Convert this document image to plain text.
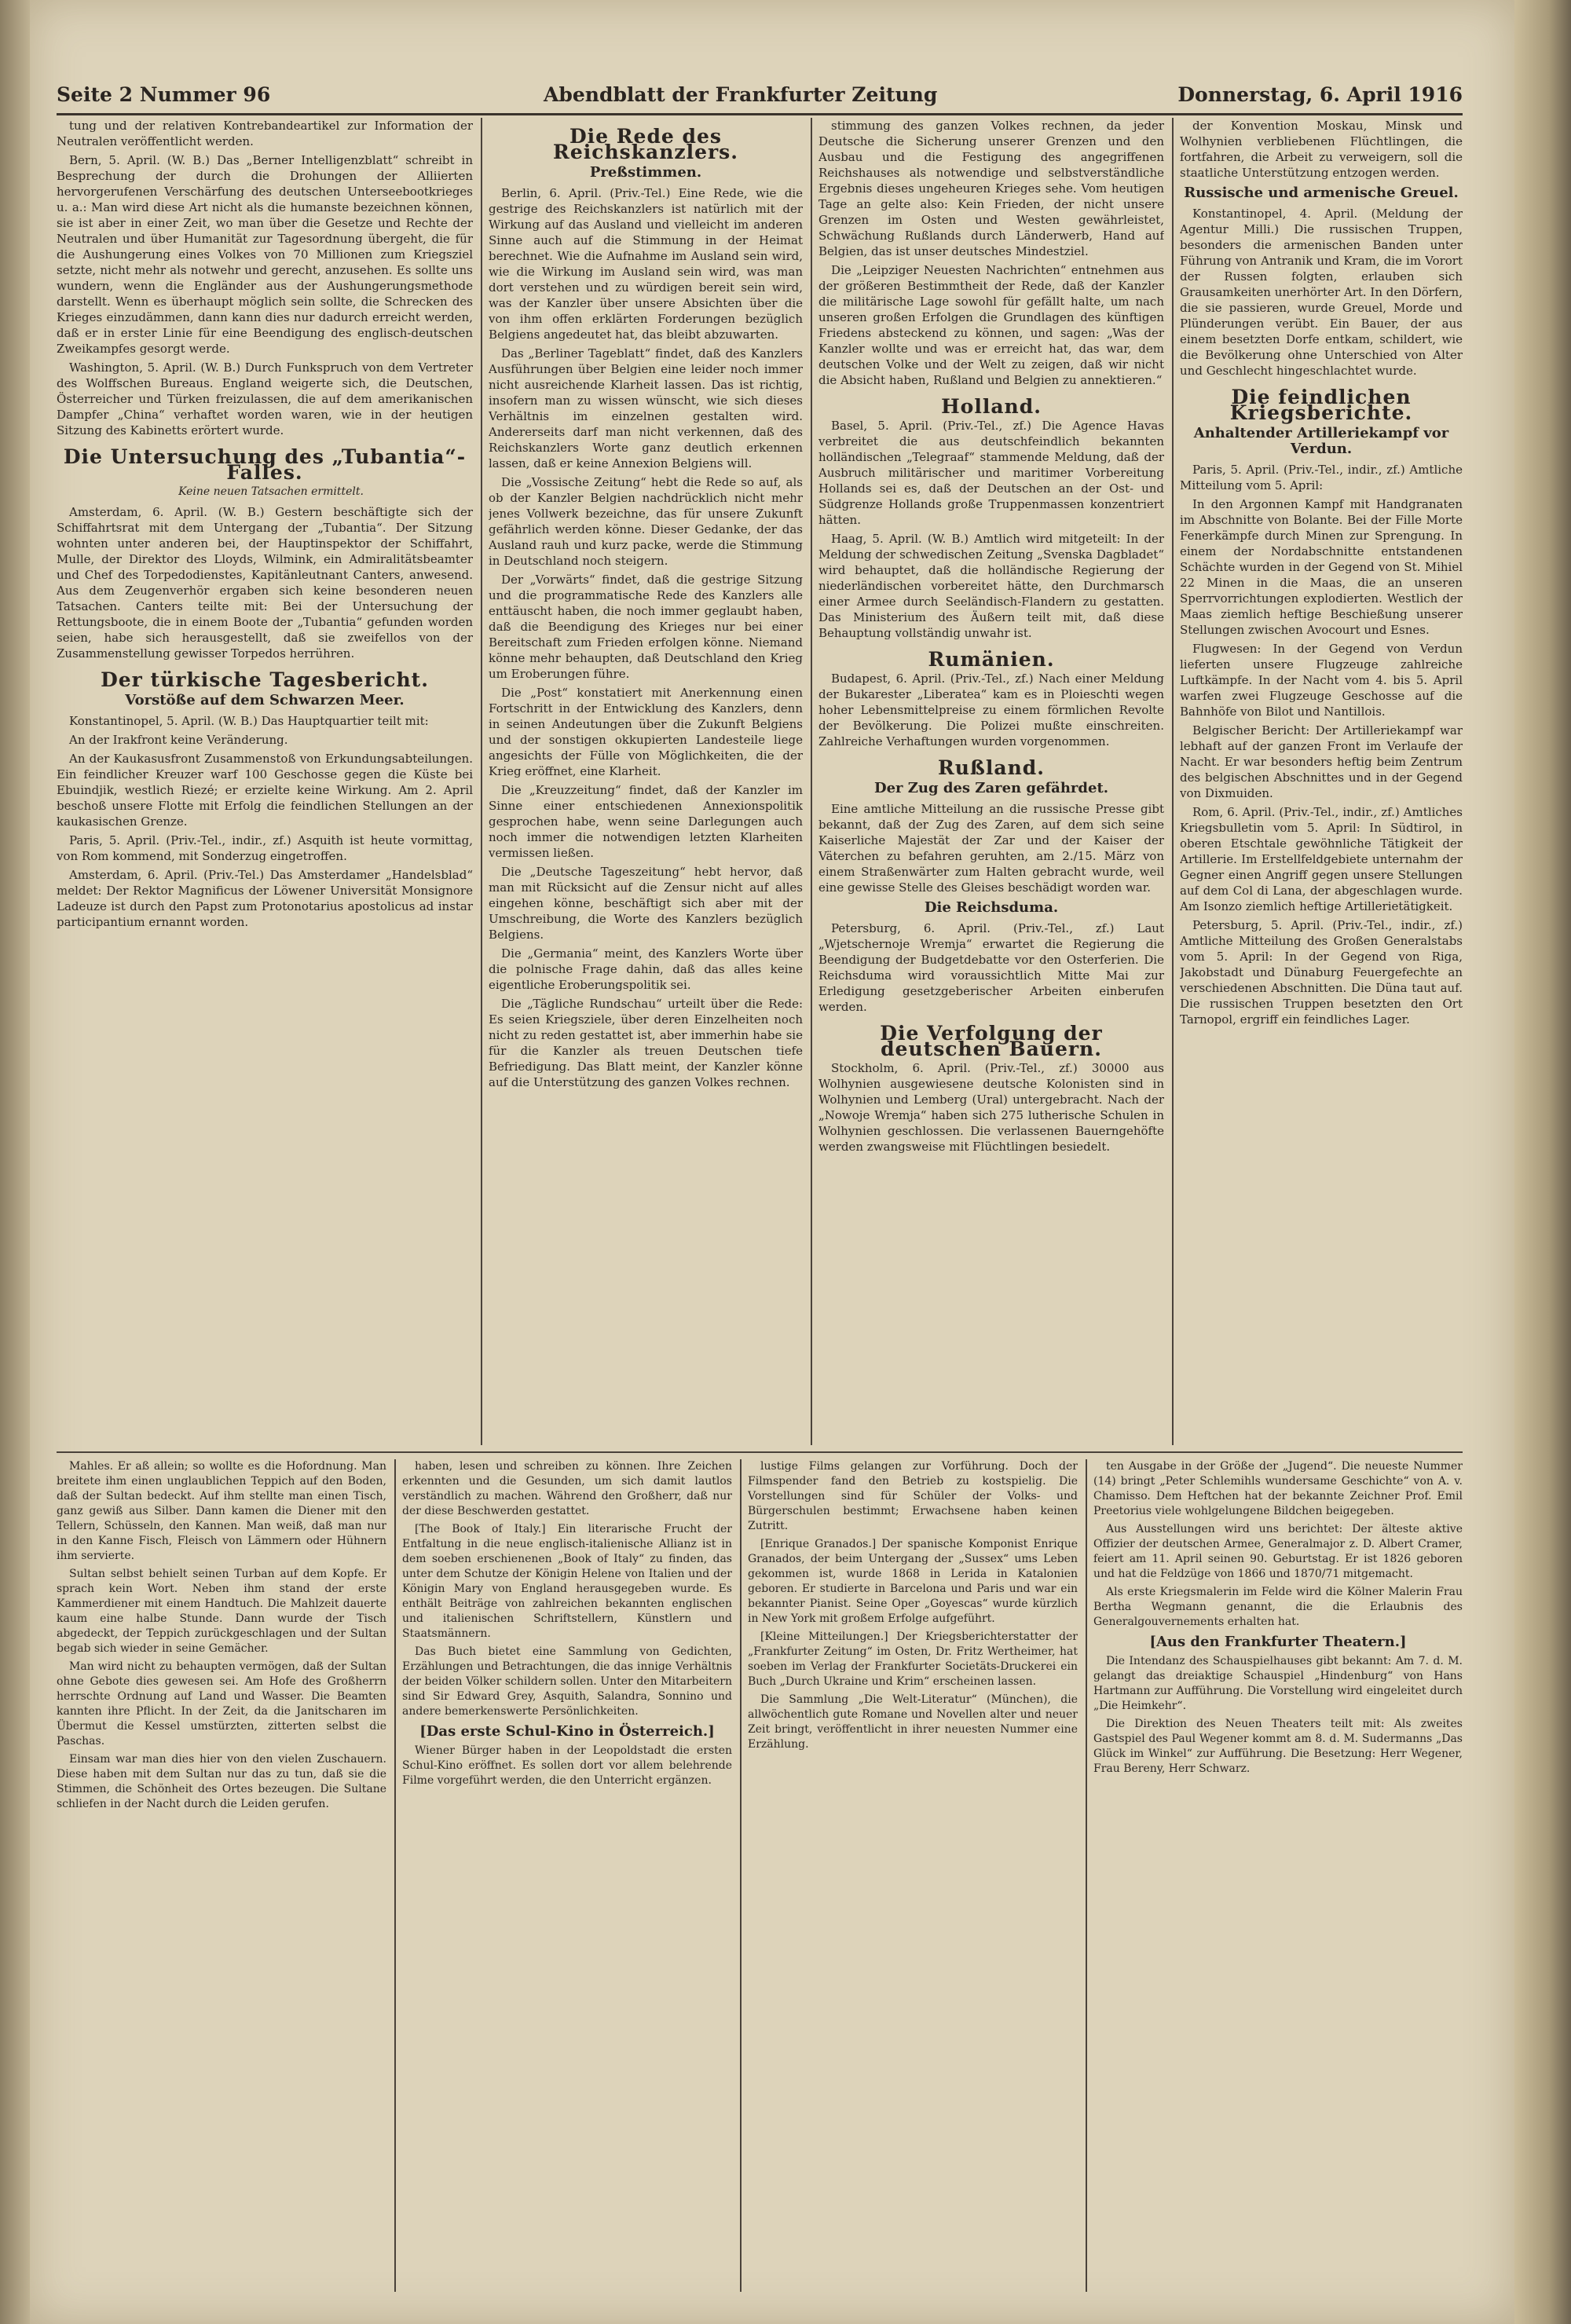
Seite 2 Nummer 96	Abendblatt der Frankfurter Zeitung	Donnerstag, 6. April 1916

tung und der relativen Kontrebandeartikel zur Information der Neutralen veröffentlicht werden.

Bern, 5. April. (W. B.) Das „Berner Intelligenzblatt“ schreibt in Besprechung der durch die Drohungen der Alliierten hervorgerufenen Verschärfung des deutschen Unterseebootkrieges u. a.: Man wird diese Art nicht als die humanste bezeichnen können, sie ist aber in einer Zeit, wo man über die Gesetze und Rechte der Neutralen und über Humanität zur Tagesordnung übergeht, die für die Aushungerung eines Volkes von 70 Millionen zum Kriegsziel setzte, nicht mehr als notwehr und gerecht, anzusehen. Es sollte uns wundern, wenn die Engländer aus der Aushungerungsmethode darstellt. Wenn es überhaupt möglich sein sollte, die Schrecken des Krieges einzudämmen, dann kann dies nur dadurch erreicht werden, daß er in erster Linie für eine Beendigung des englisch-deutschen Zweikampfes gesorgt werde.

Washington, 5. April. (W. B.) Durch Funkspruch von dem Vertreter des Wolffschen Bureaus. England weigerte sich, die Deutschen, Österreicher und Türken freizulassen, die auf dem amerikanischen Dampfer „China“ verhaftet worden waren, wie in der heutigen Sitzung des Kabinetts erörtert wurde.

Die Untersuchung des „Tubantia“-Falles.

Keine neuen Tatsachen ermittelt.

Amsterdam, 6. April. (W. B.) Gestern beschäftigte sich der Schiffahrtsrat mit dem Untergang der „Tubantia“. Der Sitzung wohnten unter anderen bei, der Hauptinspektor der Schiffahrt, Mulle, der Direktor des Lloyds, Wilmink, ein Admiralitätsbeamter und Chef des Torpedodienstes, Kapitänleutnant Canters, anwesend. Aus dem Zeugenverhör ergaben sich keine besonderen neuen Tatsachen. Canters teilte mit: Bei der Untersuchung der Rettungsboote, die in einem Boote der „Tubantia“ gefunden worden seien, habe sich herausgestellt, daß sie zweifellos von der Zusammenstellung gewisser Torpedos herrühren.

Der türkische Tagesbericht.
Vorstöße auf dem Schwarzen Meer.

Konstantinopel, 5. April. (W. B.) Das Hauptquartier teilt mit:

An der Irakfront keine Veränderung.

An der Kaukasusfront Zusammenstoß von Erkundungsabteilungen. Ein feindlicher Kreuzer warf 100 Geschosse gegen die Küste bei Ebuindjik, westlich Riezé; er erzielte keine Wirkung. Am 2. April beschoß unsere Flotte mit Erfolg die feindlichen Stellungen an der kaukasischen Grenze.

Paris, 5. April. (Priv.-Tel., indir., zf.) Asquith ist heute vormittag, von Rom kommend, mit Sonderzug eingetroffen.

Amsterdam, 6. April. (Priv.-Tel.) Das Amsterdamer „Handelsblad“ meldet: Der Rektor Magnificus der Löwener Universität Monsignore Ladeuze ist durch den Papst zum Protonotarius apostolicus ad instar participantium ernannt worden.

Die Rede des Reichskanzlers.
Preßstimmen.

Berlin, 6. April. (Priv.-Tel.) Eine Rede, wie die gestrige des Reichskanzlers ist natürlich mit der Wirkung auf das Ausland und vielleicht im anderen Sinne auch auf die Stimmung in der Heimat berechnet. Wie die Aufnahme im Ausland sein wird, wie die Wirkung im Ausland sein wird, was man dort verstehen und zu würdigen bereit sein wird, was der Kanzler über unsere Absichten über die von ihm offen erklärten Forderungen bezüglich Belgiens angedeutet hat, das bleibt abzuwarten.

Das „Berliner Tageblatt“ findet, daß des Kanzlers Ausführungen über Belgien eine leider noch immer nicht ausreichende Klarheit lassen. Das ist richtig, insofern man zu wissen wünscht, wie sich dieses Verhältnis im einzelnen gestalten wird. Andererseits darf man nicht verkennen, daß des Reichskanzlers Worte ganz deutlich erkennen lassen, daß er keine Annexion Belgiens will.

Die „Vossische Zeitung“ hebt die Rede so auf, als ob der Kanzler Belgien nachdrücklich nicht mehr jenes Vollwerk bezeichne, das für unsere Zukunft gefährlich werden könne. Dieser Gedanke, der das Ausland rauh und kurz packe, werde die Stimmung in Deutschland noch steigern.

Der „Vorwärts“ findet, daß die gestrige Sitzung und die programmatische Rede des Kanzlers alle enttäuscht haben, die noch immer geglaubt haben, daß die Beendigung des Krieges nur bei einer Bereitschaft zum Frieden erfolgen könne. Niemand könne mehr behaupten, daß Deutschland den Krieg um Eroberungen führe.

Die „Post“ konstatiert mit Anerkennung einen Fortschritt in der Entwicklung des Kanzlers, denn in seinen Andeutungen über die Zukunft Belgiens und der sonstigen okkupierten Landesteile liege angesichts der Fülle von Möglichkeiten, die der Krieg eröffnet, eine Klarheit.

Die „Kreuzzeitung“ findet, daß der Kanzler im Sinne einer entschiedenen Annexionspolitik gesprochen habe, wenn seine Darlegungen auch noch immer die notwendigen letzten Klarheiten vermissen ließen.

Die „Deutsche Tageszeitung“ hebt hervor, daß man mit Rücksicht auf die Zensur nicht auf alles eingehen könne, beschäftigt sich aber mit der Umschreibung, die Worte des Kanzlers bezüglich Belgiens.

Die „Germania“ meint, des Kanzlers Worte über die polnische Frage dahin, daß das alles keine eigentliche Eroberungspolitik sei.

Die „Tägliche Rundschau“ urteilt über die Rede: Es seien Kriegsziele, über deren Einzelheiten noch nicht zu reden gestattet ist, aber immerhin habe sie für die Kanzler als treuen Deutschen tiefe Befriedigung. Das Blatt meint, der Kanzler könne auf die Unterstützung des ganzen Volkes rechnen.

stimmung des ganzen Volkes rechnen, da jeder Deutsche die Sicherung unserer Grenzen und den Ausbau und die Festigung des angegriffenen Reichshauses als notwendige und selbstverständliche Ergebnis dieses ungeheuren Krieges sehe. Vom heutigen Tage an gelte also: Kein Frieden, der nicht unsere Grenzen im Osten und Westen gewährleistet, Schwächung Rußlands durch Länderwerb, Hand auf Belgien, das ist unser deutsches Mindestziel.

Die „Leipziger Neuesten Nachrichten“ entnehmen aus der größeren Bestimmtheit der Rede, daß der Kanzler die militärische Lage sowohl für gefällt halte, um nach unseren großen Erfolgen die Grundlagen des künftigen Friedens absteckend zu können, und sagen: „Was der Kanzler wollte und was er erreicht hat, das war, dem deutschen Volke und der Welt zu zeigen, daß wir nicht die Absicht haben, Rußland und Belgien zu annektieren.“

Holland.

Basel, 5. April. (Priv.-Tel., zf.) Die Agence Havas verbreitet die aus deutschfeindlich bekannten holländischen „Telegraaf“ stammende Meldung, daß der Ausbruch militärischer und maritimer Vorbereitung Hollands sei es, daß der Deutschen an der Ost- und Südgrenze Hollands große Truppenmassen konzentriert hätten.

Haag, 5. April. (W. B.) Amtlich wird mitgeteilt: In der Meldung der schwedischen Zeitung „Svenska Dagbladet“ wird behauptet, daß die holländische Regierung der niederländischen vorbereitet hätte, den Durchmarsch einer Armee durch Seeländisch-Flandern zu gestatten. Das Ministerium des Äußern teilt mit, daß diese Behauptung vollständig unwahr ist.

Rumänien.

Budapest, 6. April. (Priv.-Tel., zf.) Nach einer Meldung der Bukarester „Liberatea“ kam es in Ploieschti wegen hoher Lebensmittelpreise zu einem förmlichen Revolte der Bevölkerung. Die Polizei mußte einschreiten. Zahlreiche Verhaftungen wurden vorgenommen.

Rußland.
Der Zug des Zaren gefährdet.

Eine amtliche Mitteilung an die russische Presse gibt bekannt, daß der Zug des Zaren, auf dem sich seine Kaiserliche Majestät der Zar und der Kaiser der Väterchen zu befahren geruhten, am 2./15. März von einem Straßenwärter zum Halten gebracht wurde, weil eine gewisse Stelle des Gleises beschädigt worden war.

Die Reichsduma.

Petersburg, 6. April. (Priv.-Tel., zf.) Laut „Wjetschernoje Wremja“ erwartet die Regierung die Beendigung der Budgetdebatte vor den Osterferien. Die Reichsduma wird voraussichtlich Mitte Mai zur Erledigung gesetzgeberischer Arbeiten einberufen werden.

Die Verfolgung der deutschen Bauern.

Stockholm, 6. April. (Priv.-Tel., zf.) 30000 aus Wolhynien ausgewiesene deutsche Kolonisten sind in Wolhynien und Lemberg (Ural) untergebracht. Nach der „Nowoje Wremja“ haben sich 275 lutherische Schulen in Wolhynien geschlossen. Die verlassenen Bauerngehöfte werden zwangsweise mit Flüchtlingen besiedelt.

der Konvention Moskau, Minsk und Wolhynien verbliebenen Flüchtlingen, die fortfahren, die Arbeit zu verweigern, soll die staatliche Unterstützung entzogen werden.

Russische und armenische Greuel.

Konstantinopel, 4. April. (Meldung der Agentur Milli.) Die russischen Truppen, besonders die armenischen Banden unter Führung von Antranik und Kram, die im Vorort der Russen folgten, erlauben sich Grausamkeiten unerhörter Art. In den Dörfern, die sie passieren, wurde Greuel, Morde und Plünderungen verübt. Ein Bauer, der aus einem besetzten Dorfe entkam, schildert, wie die Bevölkerung ohne Unterschied von Alter und Geschlecht hingeschlachtet wurde.

Die feindlichen Kriegsberichte.
Anhaltender Artilleriekampf vor Verdun.

Paris, 5. April. (Priv.-Tel., indir., zf.) Amtliche Mitteilung vom 5. April:

In den Argonnen Kampf mit Handgranaten im Abschnitte von Bolante. Bei der Fille Morte Fenerkämpfe durch Minen zur Sprengung. In einem der Nordabschnitte entstandenen Schächte wurden in der Gegend von St. Mihiel 22 Minen in die Maas, die an unseren Sperrvorrichtungen explodierten. Westlich der Maas ziemlich heftige Beschießung unserer Stellungen zwischen Avocourt und Esnes.

Flugwesen: In der Gegend von Verdun lieferten unsere Flugzeuge zahlreiche Luftkämpfe. In der Nacht vom 4. bis 5. April warfen zwei Flugzeuge Geschosse auf die Bahnhöfe von Bilot und Nantillois.

Belgischer Bericht: Der Artilleriekampf war lebhaft auf der ganzen Front im Verlaufe der Nacht. Er war besonders heftig beim Zentrum des belgischen Abschnittes und in der Gegend von Dixmuiden.

Rom, 6. April. (Priv.-Tel., indir., zf.) Amtliches Kriegsbulletin vom 5. April: In Südtirol, in oberen Etschtale gewöhnliche Tätigkeit der Artillerie. Im Erstellfeldgebiete unternahm der Gegner einen Angriff gegen unsere Stellungen auf dem Col di Lana, der abgeschlagen wurde. Am Isonzo ziemlich heftige Artillerietätigkeit.

Petersburg, 5. April. (Priv.-Tel., indir., zf.) Amtliche Mitteilung des Großen Generalstabs vom 5. April: In der Gegend von Riga, Jakobstadt und Dünaburg Feuergefechte an verschiedenen Abschnitten. Die Düna taut auf. Die russischen Truppen besetzten den Ort Tarnopol, ergriff ein feindliches Lager.

Mahles. Er aß allein; so wollte es die Hofordnung. Man breitete ihm einen unglaublichen Teppich auf den Boden, daß der Sultan bedeckt. Auf ihm stellte man einen Tisch, ganz gewiß aus Silber. Dann kamen die Diener mit den Tellern, Schüsseln, den Kannen. Man weiß, daß man nur in den Kanne Fisch, Fleisch von Lämmern oder Hühnern ihm servierte.

Sultan selbst behielt seinen Turban auf dem Kopfe. Er sprach kein Wort. Neben ihm stand der erste Kammerdiener mit einem Handtuch. Die Mahlzeit dauerte kaum eine halbe Stunde. Dann wurde der Tisch abgedeckt, der Teppich zurückgeschlagen und der Sultan begab sich wieder in seine Gemächer.

Man wird nicht zu behaupten vermögen, daß der Sultan ohne Gebote dies gewesen sei. Am Hofe des Großherrn herrschte Ordnung auf Land und Wasser. Die Beamten kannten ihre Pflicht. In der Zeit, da die Janitscharen im Übermut die Kessel umstürzten, zitterten selbst die Paschas.

Einsam war man dies hier von den vielen Zuschauern. Diese haben mit dem Sultan nur das zu tun, daß sie die Stimmen, die Schönheit des Ortes bezeugen. Die Sultane schliefen in der Nacht durch die Leiden gerufen.

haben, lesen und schreiben zu können. Ihre Zeichen erkennten und die Gesunden, um sich damit lautlos verständlich zu machen. Während den Großherr, daß nur der diese Beschwerden gestattet.

[The Book of Italy.] Ein literarische Frucht der Entfaltung in die neue englisch-italienische Allianz ist in dem soeben erschienenen „Book of Italy“ zu finden, das unter dem Schutze der Königin Helene von Italien und der Königin Mary von England herausgegeben wurde. Es enthält Beiträge von zahlreichen bekannten englischen und italienischen Schriftstellern, Künstlern und Staatsmännern.

Das Buch bietet eine Sammlung von Gedichten, Erzählungen und Betrachtungen, die das innige Verhältnis der beiden Völker schildern sollen. Unter den Mitarbeitern sind Sir Edward Grey, Asquith, Salandra, Sonnino und andere bemerkenswerte Persönlichkeiten.

[Das erste Schul-Kino in Österreich.]

Wiener Bürger haben in der Leopoldstadt die ersten Schul-Kino eröffnet. Es sollen dort vor allem belehrende Filme vorgeführt werden, die den Unterricht ergänzen.

lustige Films gelangen zur Vorführung. Doch der Filmspender fand den Betrieb zu kostspielig. Die Vorstellungen sind für Schüler der Volks- und Bürgerschulen bestimmt; Erwachsene haben keinen Zutritt.

[Enrique Granados.] Der spanische Komponist Enrique Granados, der beim Untergang der „Sussex“ ums Leben gekommen ist, wurde 1868 in Lerida in Katalonien geboren. Er studierte in Barcelona und Paris und war ein bekannter Pianist. Seine Oper „Goyescas“ wurde kürzlich in New York mit großem Erfolge aufgeführt.

[Kleine Mitteilungen.] Der Kriegsberichterstatter der „Frankfurter Zeitung“ im Osten, Dr. Fritz Wertheimer, hat soeben im Verlag der Frankfurter Societäts-Druckerei ein Buch „Durch Ukraine und Krim“ erscheinen lassen.

Die Sammlung „Die Welt-Literatur“ (München), die allwöchentlich gute Romane und Novellen alter und neuer Zeit bringt, veröffentlicht in ihrer neuesten Nummer eine Erzählung.

ten Ausgabe in der Größe der „Jugend“. Die neueste Nummer (14) bringt „Peter Schlemihls wundersame Geschichte“ von A. v. Chamisso. Dem Heftchen hat der bekannte Zeichner Prof. Emil Preetorius viele wohlgelungene Bildchen beigegeben.

Aus Ausstellungen wird uns berichtet: Der älteste aktive Offizier der deutschen Armee, Generalmajor z. D. Albert Cramer, feiert am 11. April seinen 90. Geburtstag. Er ist 1826 geboren und hat die Feldzüge von 1866 und 1870/71 mitgemacht.

Als erste Kriegsmalerin im Felde wird die Kölner Malerin Frau Bertha Wegmann genannt, die die Erlaubnis des Generalgouvernements erhalten hat.

[Aus den Frankfurter Theatern.]

Die Intendanz des Schauspielhauses gibt bekannt: Am 7. d. M. gelangt das dreiaktige Schauspiel „Hindenburg“ von Hans Hartmann zur Aufführung. Die Vorstellung wird eingeleitet durch „Die Heimkehr“.

Die Direktion des Neuen Theaters teilt mit: Als zweites Gastspiel des Paul Wegener kommt am 8. d. M. Sudermanns „Das Glück im Winkel“ zur Aufführung. Die Besetzung: Herr Wegener, Frau Bereny, Herr Schwarz.
